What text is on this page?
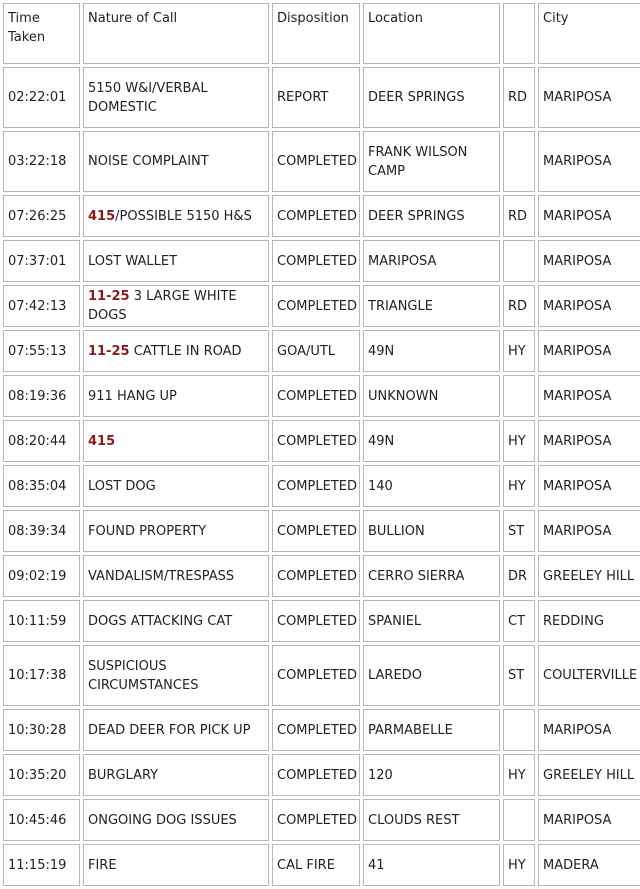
Time Taken	Nature of Call	Disposition	Location		City
02:22:01	5150 W&I/VERBAL DOMESTIC	REPORT	DEER SPRINGS	RD	MARIPOSA
03:22:18	NOISE COMPLAINT	COMPLETED	FRANK WILSON CAMP		MARIPOSA
07:26:25	415/POSSIBLE 5150 H&S	COMPLETED	DEER SPRINGS	RD	MARIPOSA
07:37:01	LOST WALLET	COMPLETED	MARIPOSA		MARIPOSA
07:42:13	11-25 3 LARGE WHITE DOGS	COMPLETED	TRIANGLE	RD	MARIPOSA
07:55:13	11-25 CATTLE IN ROAD	GOA/UTL	49N	HY	MARIPOSA
08:19:36	911 HANG UP	COMPLETED	UNKNOWN		MARIPOSA
08:20:44	415	COMPLETED	49N	HY	MARIPOSA
08:35:04	LOST DOG	COMPLETED	140	HY	MARIPOSA
08:39:34	FOUND PROPERTY	COMPLETED	BULLION	ST	MARIPOSA
09:02:19	VANDALISM/TRESPASS	COMPLETED	CERRO SIERRA	DR	GREELEY HILL
10:11:59	DOGS ATTACKING CAT	COMPLETED	SPANIEL	CT	REDDING
10:17:38	SUSPICIOUS CIRCUMSTANCES	COMPLETED	LAREDO	ST	COULTERVILLE
10:30:28	DEAD DEER FOR PICK UP	COMPLETED	PARMABELLE		MARIPOSA
10:35:20	BURGLARY	COMPLETED	120	HY	GREELEY HILL
10:45:46	ONGOING DOG ISSUES	COMPLETED	CLOUDS REST		MARIPOSA
11:15:19	FIRE	CAL FIRE	41	HY	MADERA
